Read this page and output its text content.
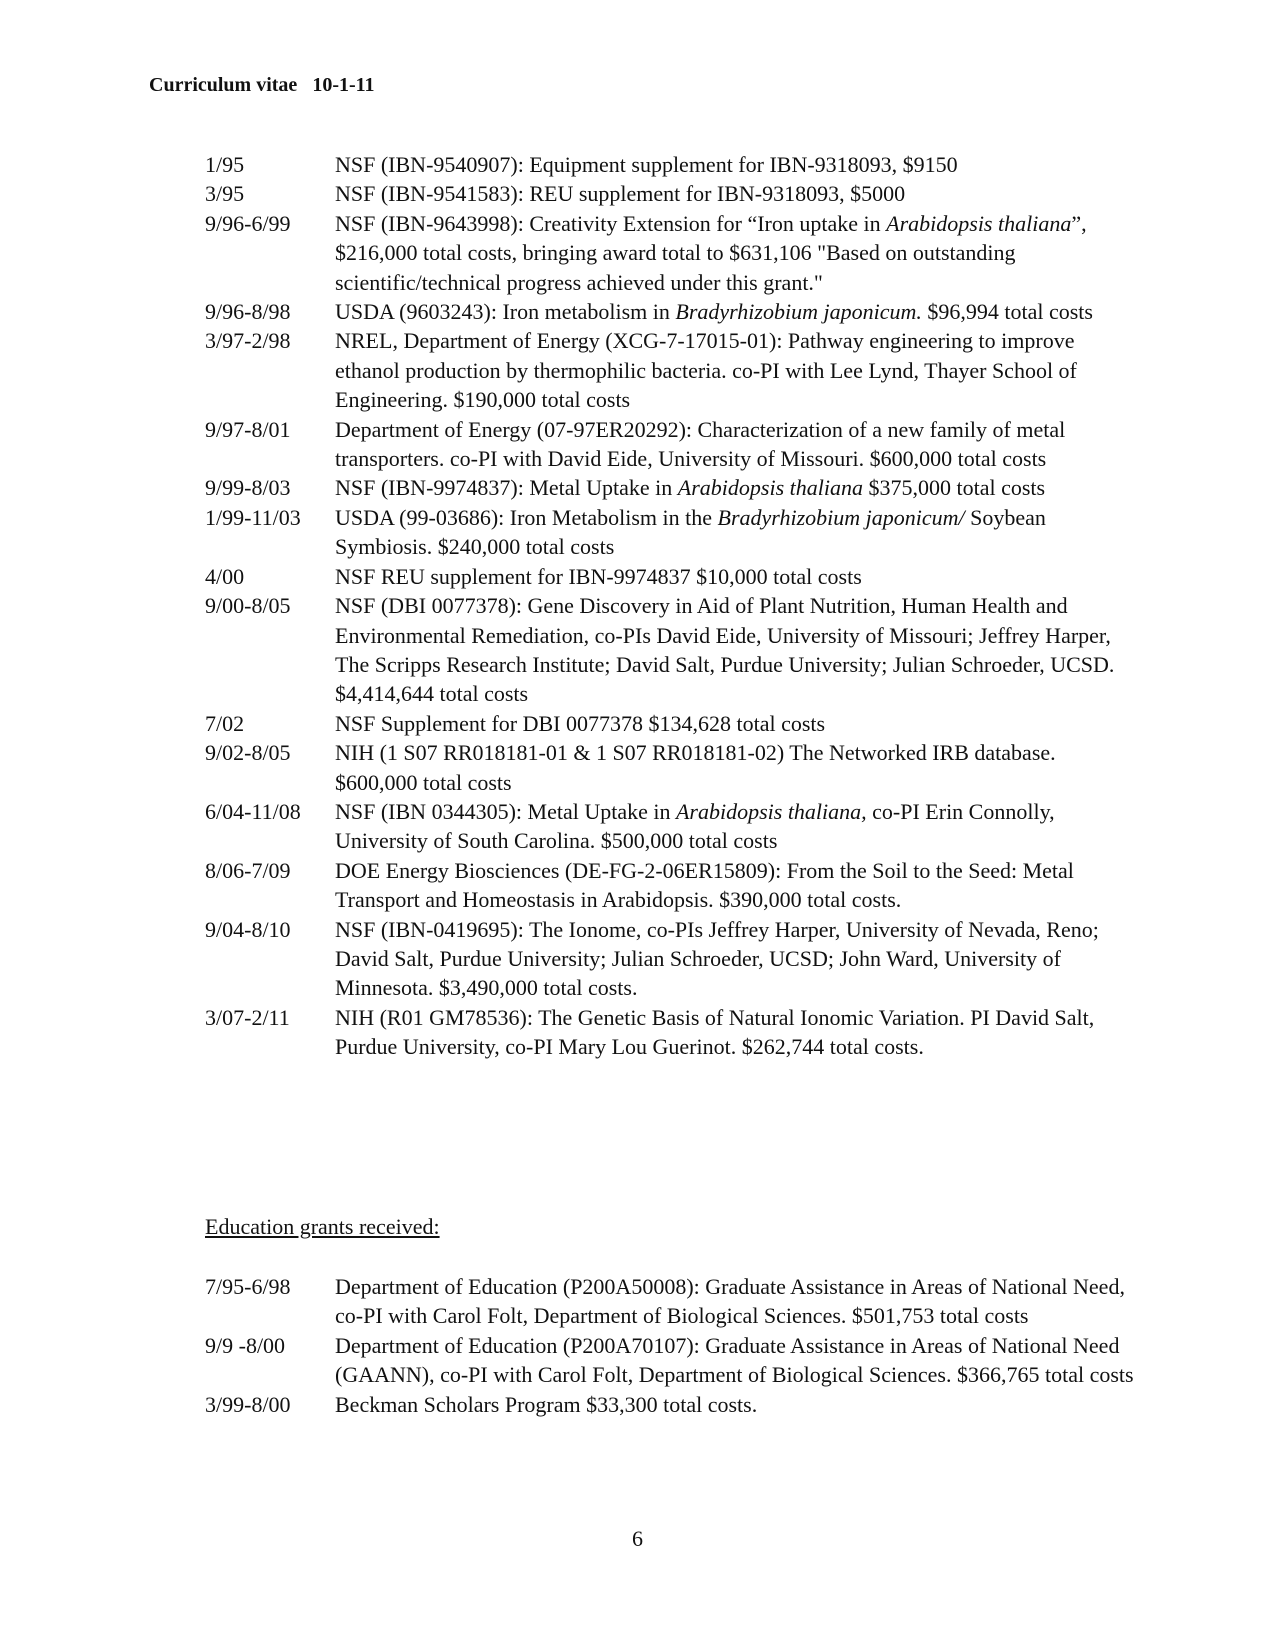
Curriculum vitae 10-1-11
1/95	NSF (IBN-9540907): Equipment supplement for IBN-9318093, $9150
3/95	NSF (IBN-9541583): REU supplement for IBN-9318093, $5000
9/96-6/99	NSF (IBN-9643998): Creativity Extension for “Iron uptake in Arabidopsis thaliana”, $216,000 total costs, bringing award total to $631,106 "Based on outstanding scientific/technical progress achieved under this grant."
9/96-8/98	USDA (9603243): Iron metabolism in Bradyrhizobium japonicum. $96,994 total costs
3/97-2/98	NREL, Department of Energy (XCG-7-17015-01): Pathway engineering to improve ethanol production by thermophilic bacteria. co-PI with Lee Lynd, Thayer School of Engineering. $190,000 total costs
9/97-8/01	Department of Energy (07-97ER20292): Characterization of a new family of metal transporters. co-PI with David Eide, University of Missouri. $600,000 total costs
9/99-8/03	NSF (IBN-9974837): Metal Uptake in Arabidopsis thaliana $375,000 total costs
1/99-11/03	USDA (99-03686): Iron Metabolism in the Bradyrhizobium japonicum/ Soybean Symbiosis. $240,000 total costs
4/00	NSF REU supplement for IBN-9974837 $10,000 total costs
9/00-8/05	NSF (DBI 0077378): Gene Discovery in Aid of Plant Nutrition, Human Health and Environmental Remediation, co-PIs David Eide, University of Missouri; Jeffrey Harper, The Scripps Research Institute; David Salt, Purdue University; Julian Schroeder, UCSD. $4,414,644 total costs
7/02	NSF Supplement for DBI 0077378 $134,628 total costs
9/02-8/05	NIH (1 S07 RR018181-01 & 1 S07 RR018181-02) The Networked IRB database. $600,000 total costs
6/04-11/08	NSF (IBN 0344305): Metal Uptake in Arabidopsis thaliana, co-PI Erin Connolly, University of South Carolina. $500,000 total costs
8/06-7/09	DOE Energy Biosciences (DE-FG-2-06ER15809): From the Soil to the Seed: Metal Transport and Homeostasis in Arabidopsis. $390,000 total costs.
9/04-8/10	NSF (IBN-0419695): The Ionome, co-PIs Jeffrey Harper, University of Nevada, Reno; David Salt, Purdue University; Julian Schroeder, UCSD; John Ward, University of Minnesota. $3,490,000 total costs.
3/07-2/11	NIH (R01 GM78536): The Genetic Basis of Natural Ionomic Variation. PI David Salt, Purdue University, co-PI Mary Lou Guerinot. $262,744 total costs.
Education grants received:
7/95-6/98	Department of Education (P200A50008): Graduate Assistance in Areas of National Need, co-PI with Carol Folt, Department of Biological Sciences. $501,753 total costs
9/9 -8/00	Department of Education (P200A70107): Graduate Assistance in Areas of National Need (GAANN), co-PI with Carol Folt, Department of Biological Sciences. $366,765 total costs
3/99-8/00	Beckman Scholars Program $33,300 total costs.
6
